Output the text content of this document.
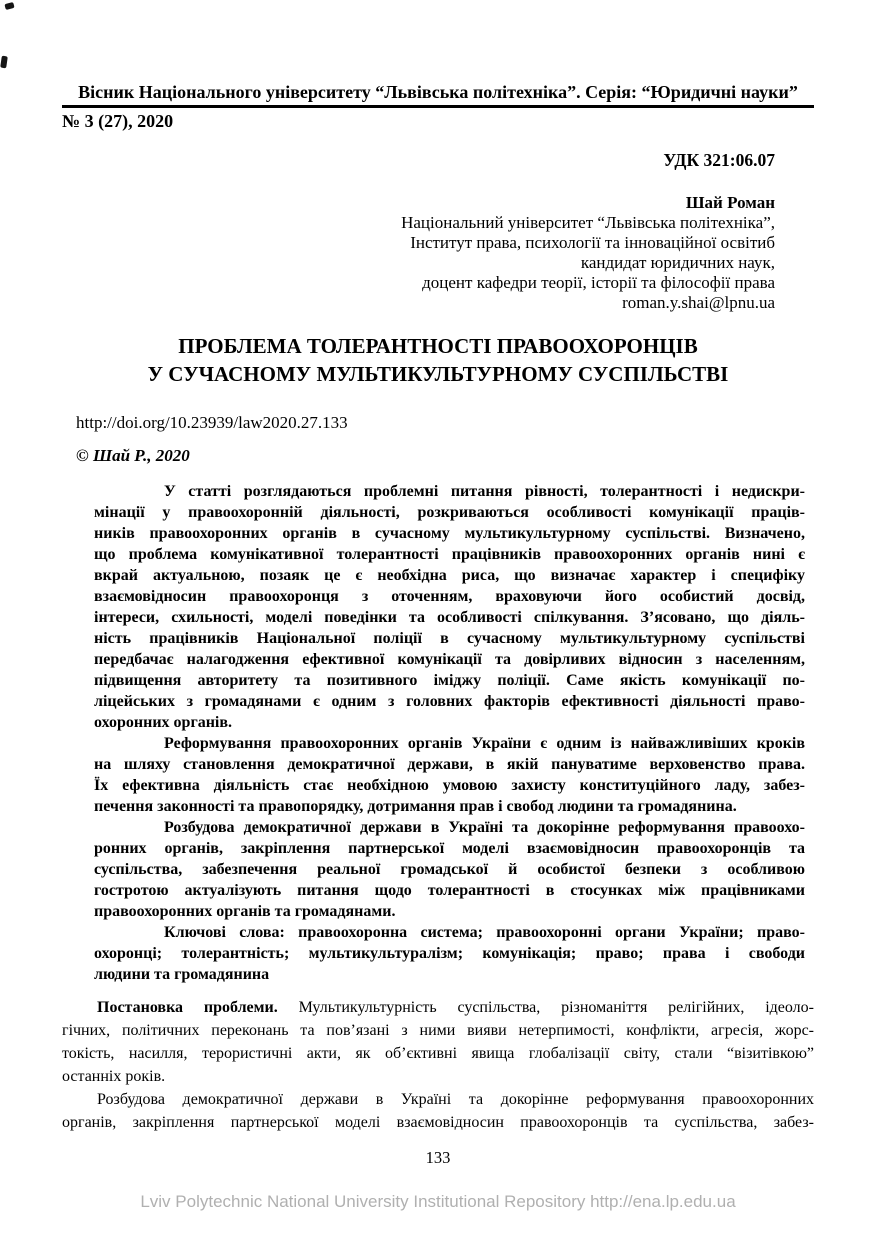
Вісник Національного університету “Львівська політехніка”. Серія: “Юридичні науки”
№ 3 (27), 2020
УДК 321:06.07
Шай Роман
Національний університет “Львівська політехніка”,
Інститут права, психології та інноваційної освітиб
кандидат юридичних наук,
доцент кафедри теорії, історії та філософії права
roman.y.shai@lpnu.ua
ПРОБЛЕМА ТОЛЕРАНТНОСТІ ПРАВООХОРОНЦІВ
У СУЧАСНОМУ МУЛЬТИКУЛЬТУРНОМУ СУСПІЛЬСТВІ
http://doi.org/10.23939/law2020.27.133
© Шай Р., 2020
У статті розглядаються проблемні питання рівності, толерантності і недискри-
мінації у правоохоронній діяльності, розкриваються особливості комунікації праців-
ників правоохоронних органів в сучасному мультикультурному суспільстві. Визначено,
що проблема комунікативної толерантності працівників правоохоронних органів нині є
вкрай актуальною, позаяк це є необхідна риса, що визначає характер і специфіку
взаємовідносин правоохоронця з оточенням, враховуючи його особистий досвід,
інтереси, схильності, моделі поведінки та особливості спілкування. З’ясовано, що діяль-
ність працівників Національної поліції в сучасному мультикультурному суспільстві
передбачає налагодження ефективної комунікації та довірливих відносин з населенням,
підвищення авторитету та позитивного іміджу поліції. Саме якість комунікації по-
ліцейських з громадянами є одним з головних факторів ефективності діяльності право-
охоронних органів.
Реформування правоохоронних органів України є одним із найважливіших кроків
на шляху становлення демократичної держави, в якій пануватиме верховенство права.
Їх ефективна діяльність стає необхідною умовою захисту конституційного ладу, забез-
печення законності та правопорядку, дотримання прав і свобод людини та громадянина.
Розбудова демократичної держави в Україні та докорінне реформування правоохо-
ронних органів, закріплення партнерської моделі взаємовідносин правоохоронців та
суспільства, забезпечення реальної громадської й особистої безпеки з особливою
гостротою актуалізують питання щодо толерантності в стосунках між працівниками
правоохоронних органів та громадянами.
Ключові слова: правоохоронна система; правоохоронні органи України; право-
охоронці; толерантність; мультикультуралізм; комунікація; право; права і свободи
людини та громадянина
Постановка проблеми. Мультикультурність суспільства, різноманіття релігійних, ідеоло-
гічних, політичних переконань та пов’язані з ними вияви нетерпимості, конфлікти, агресія, жорс-
токість, насилля, терористичні акти, як об’єктивні явища глобалізації світу, стали “візитівкою”
останніх років.
Розбудова демократичної держави в Україні та докорінне реформування правоохоронних
органів, закріплення партнерської моделі взаємовідносин правоохоронців та суспільства, забез-
133
Lviv Polytechnic National University Institutional Repository http://ena.lp.edu.ua
